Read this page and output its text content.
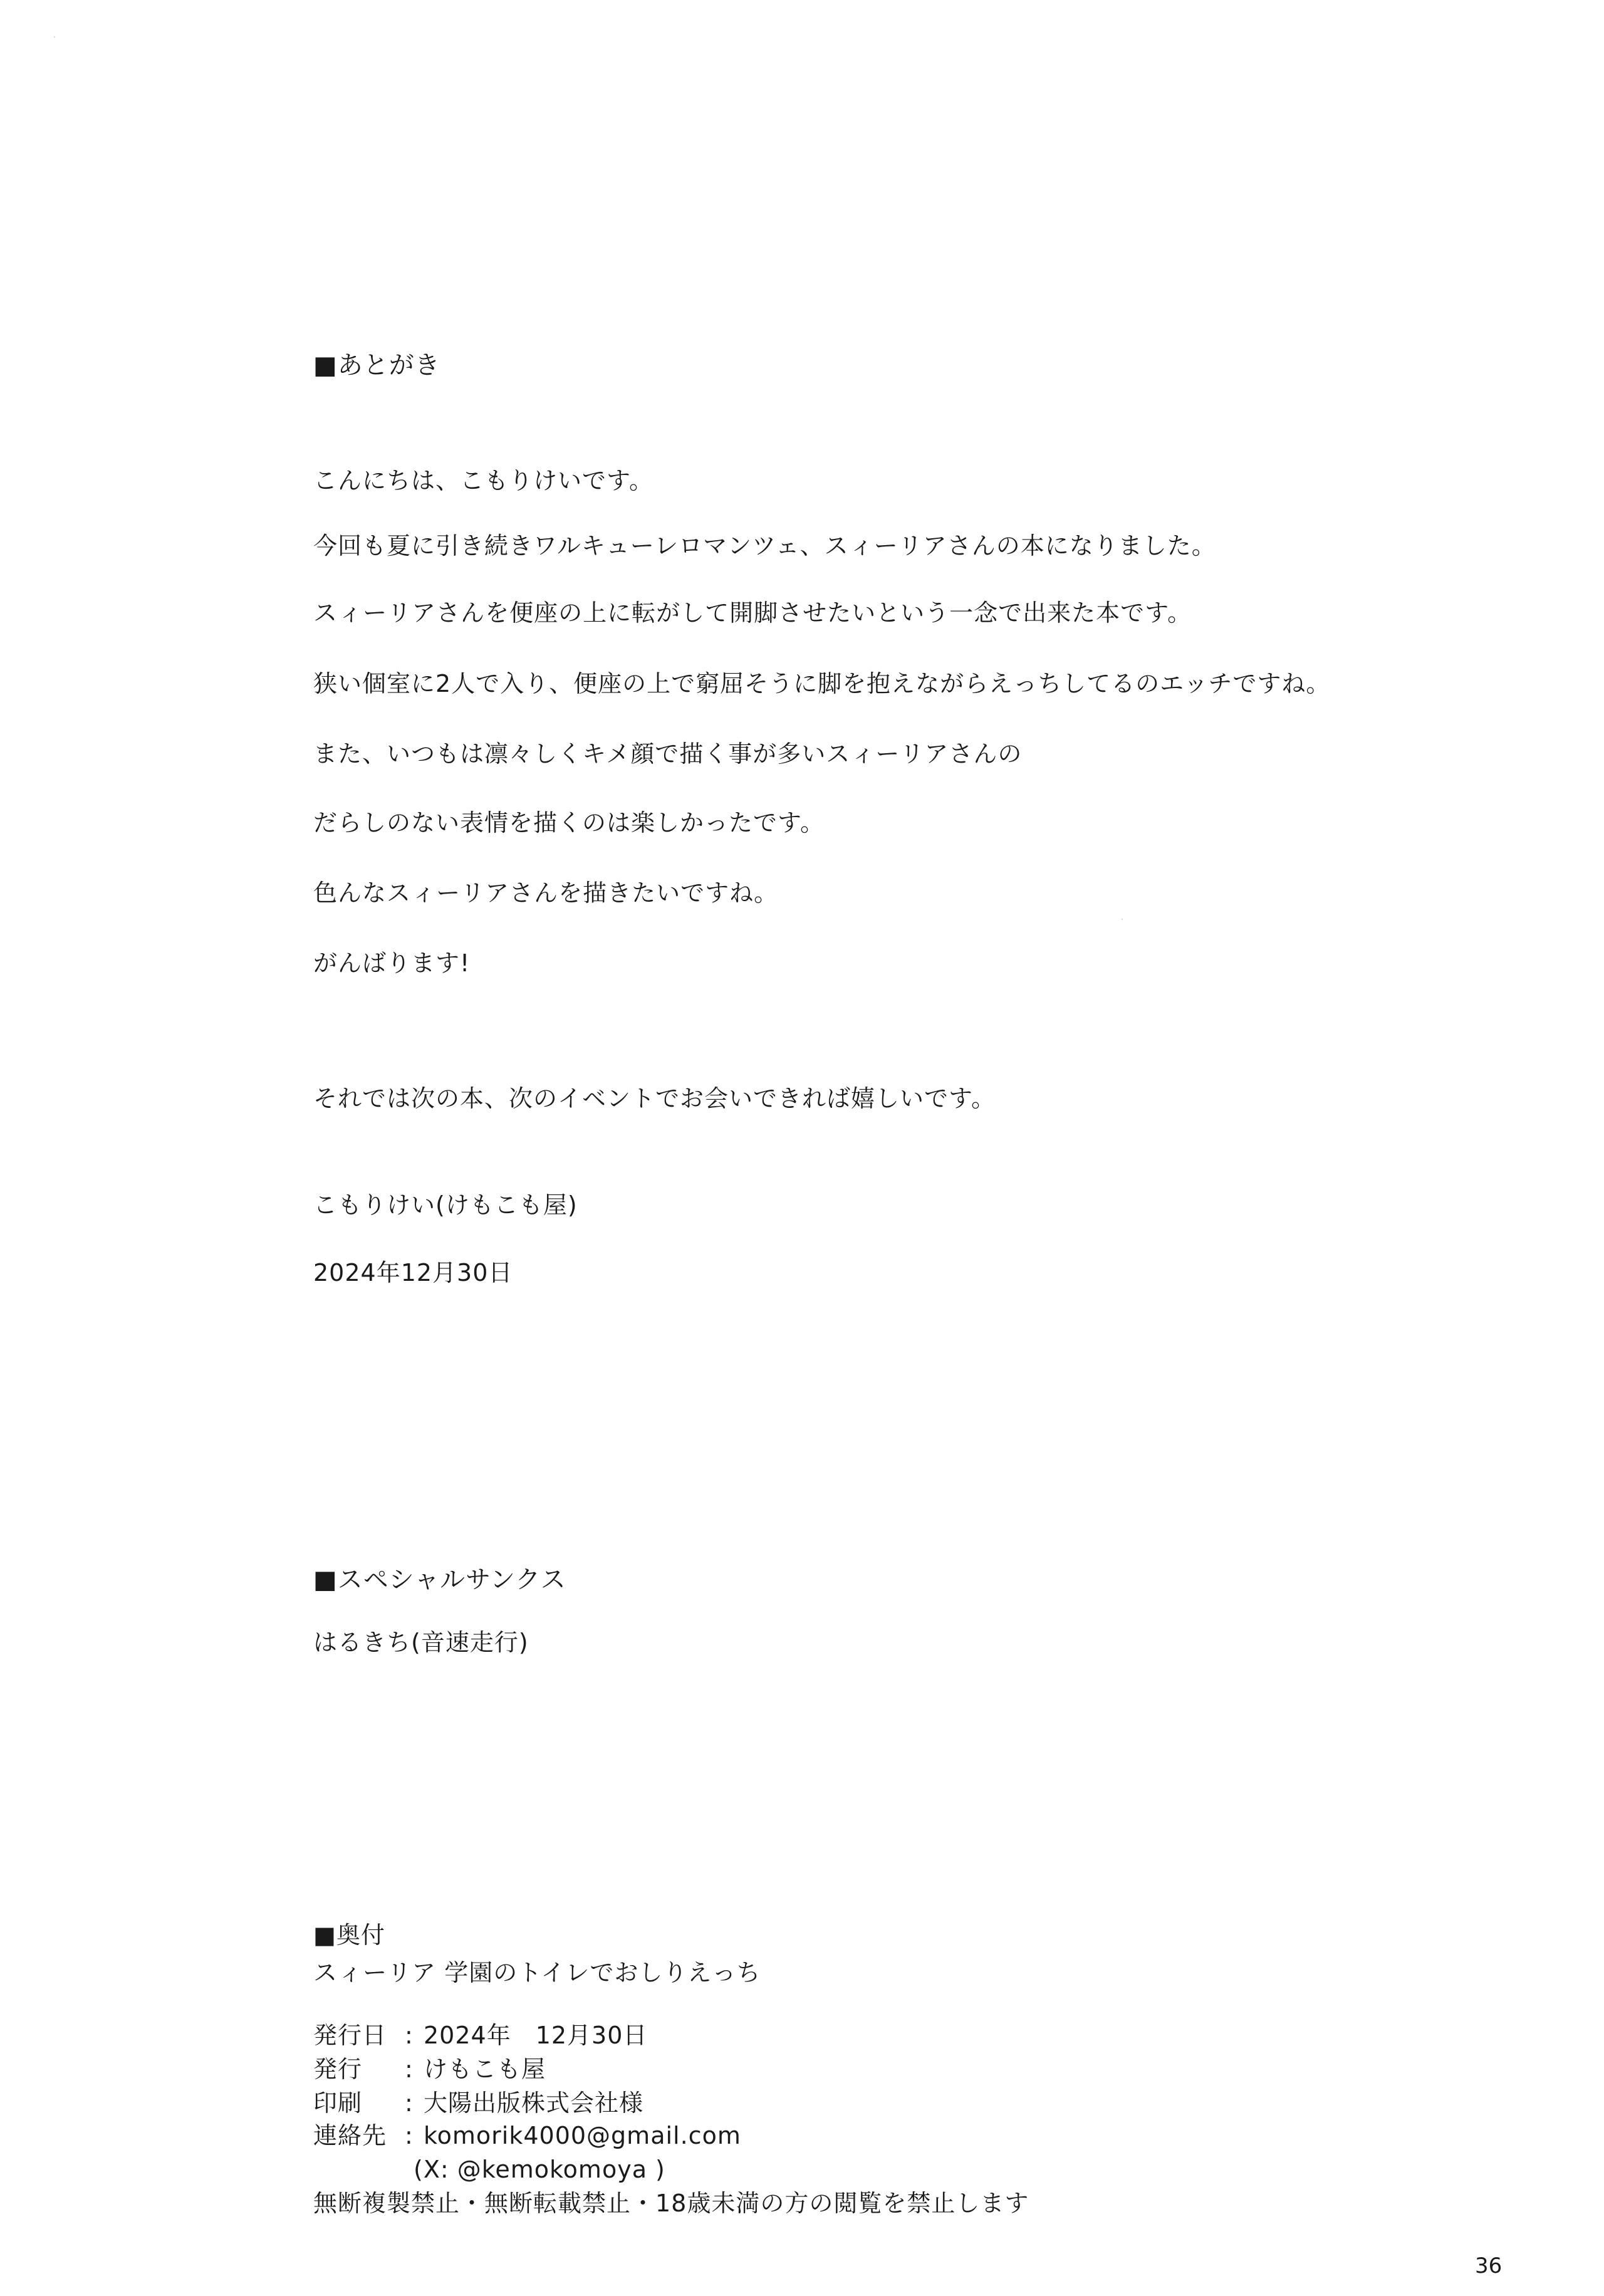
■あとがき
こんにちは、こもりけいです。
今回も夏に引き続きワルキューレロマンツェ、スィーリアさんの本になりました。
スィーリアさんを便座の上に転がして開脚させたいという一念で出来た本です。
狭い個室に2人で入り、便座の上で窮屈そうに脚を抱えながらえっちしてるのエッチですね。
また、いつもは凛々しくキメ顔で描く事が多いスィーリアさんの
だらしのない表情を描くのは楽しかったです。
色んなスィーリアさんを描きたいですね。
がんばります!
それでは次の本、次のイベントでお会いできれば嬉しいです。
こもりけい(けもこも屋)
2024年12月30日
■スペシャルサンクス
はるきち(音速走行)
■奥付
スィーリア 学園のトイレでおしりえっち
発行日 : 2024年　12月30日
発行 : けもこも屋
印刷 : 大陽出版株式会社様
連絡先 : komorik4000@gmail.com
(X: @kemokomoya )
無断複製禁止・無断転載禁止・18歳未満の方の閲覧を禁止します
36
